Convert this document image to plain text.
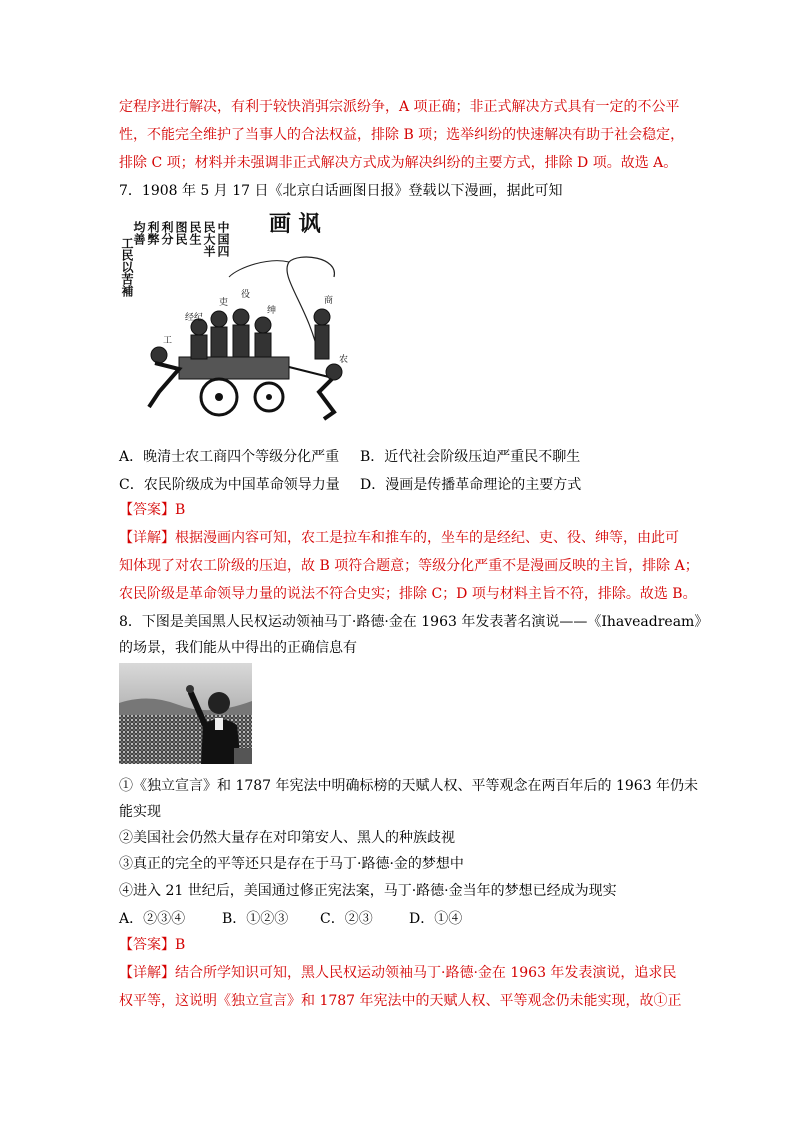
定程序进行解决，有利于较快消弭宗派纷争，A 项正确；非正式解决方式具有一定的不公平
性，不能完全维护了当事人的合法权益，排除 B 项；选举纠纷的快速解决有助于社会稳定，
排除 C 项；材料并未强调非正式解决方式成为解决纠纷的主要方式，排除 D 项。故选 A。
7．1908 年 5 月 17 日《北京白话画图日报》登载以下漫画，据此可知
画 讽
中国四
民大半
民生
图民
利分
利弊
均善
工民以苦補
经纪
吏
役
绅
商
工
农
A．晚清士农工商四个等级分化严重 B．近代社会阶级压迫严重民不聊生
C．农民阶级成为中国革命领导力量 D．漫画是传播革命理论的主要方式
【答案】B
【详解】根据漫画内容可知，农工是拉车和推车的，坐车的是经纪、吏、役、绅等，由此可
知体现了对农工阶级的压迫，故 B 项符合题意；等级分化严重不是漫画反映的主旨，排除 A；
农民阶级是革命领导力量的说法不符合史实；排除 C；D 项与材料主旨不符，排除。故选 B。
8．下图是美国黑人民权运动领袖马丁·路德·金在 1963 年发表著名演说——《Ihaveadream》
的场景，我们能从中得出的正确信息有
①《独立宣言》和 1787 年宪法中明确标榜的天赋人权、平等观念在两百年后的 1963 年仍未
能实现
②美国社会仍然大量存在对印第安人、黑人的种族歧视
③真正的完全的平等还只是存在于马丁·路德·金的梦想中
④进入 21 世纪后，美国通过修正宪法案，马丁·路德·金当年的梦想已经成为现实
A．②③④	B．①②③ C．②③	D．①④
【答案】B
【详解】结合所学知识可知，黑人民权运动领袖马丁·路德·金在 1963 年发表演说，追求民
权平等，这说明《独立宣言》和 1787 年宪法中的天赋人权、平等观念仍未能实现，故①正
